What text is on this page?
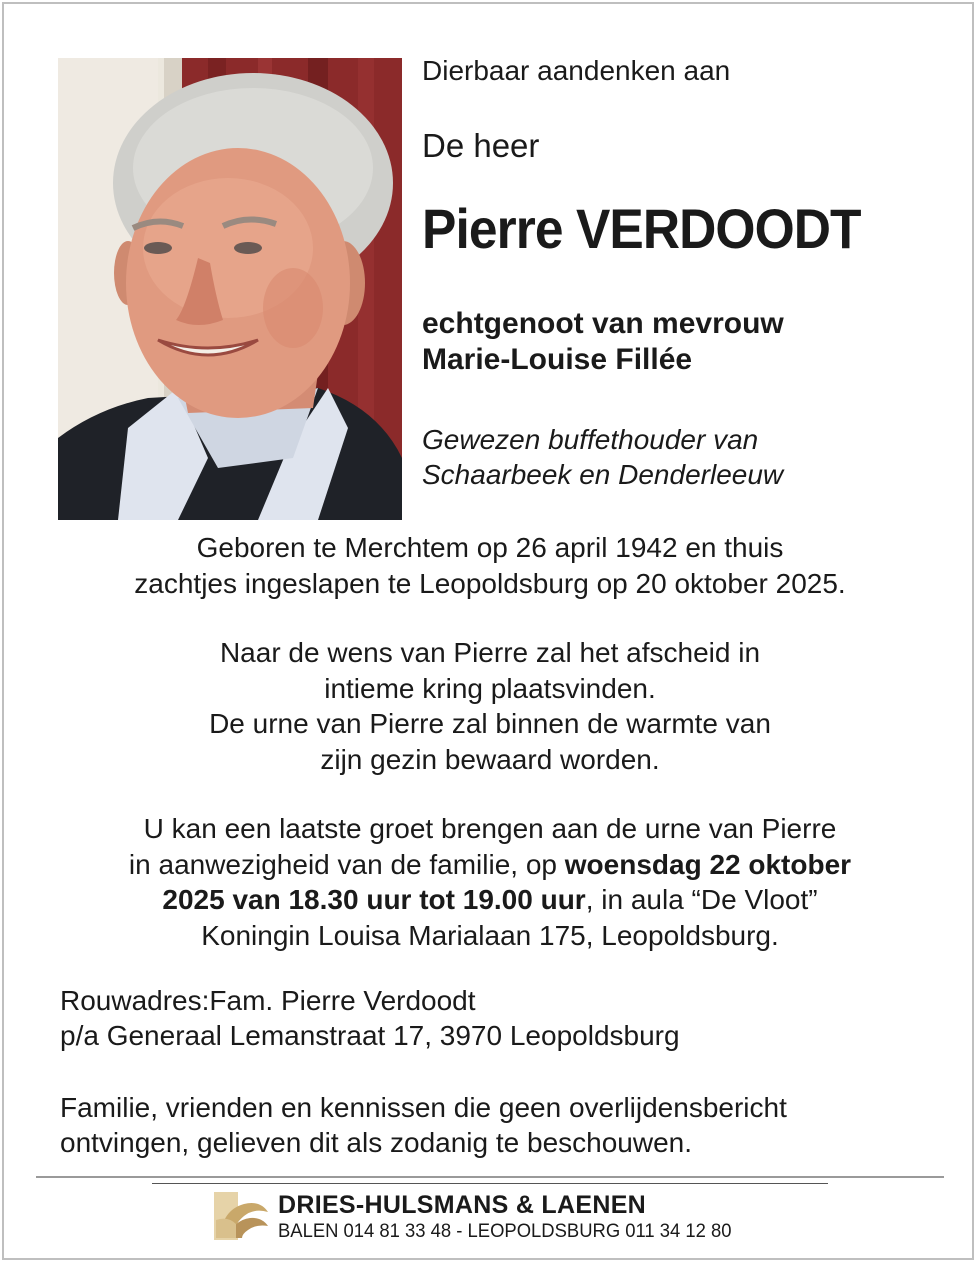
Dierbaar aandenken aan
De heer
Pierre VERDOODT
echtgenoot van mevrouw
Marie-Louise Fillée
Gewezen buffethouder van
Schaarbeek en Denderleeuw
Geboren te Merchtem op 26 april 1942 en thuis
zachtjes ingeslapen te Leopoldsburg op 20 oktober 2025.
Naar de wens van Pierre zal het afscheid in
intieme kring plaatsvinden.
De urne van Pierre zal binnen de warmte van
zijn gezin bewaard worden.
U kan een laatste groet brengen aan de urne van Pierre
in aanwezigheid van de familie, op woensdag 22 oktober
2025 van 18.30 uur tot 19.00 uur, in aula “De Vloot”
Koningin Louisa Marialaan 175, Leopoldsburg.
Rouwadres:Fam. Pierre Verdoodt
p/a Generaal Lemanstraat 17, 3970 Leopoldsburg
Familie, vrienden en kennissen die geen overlijdensbericht
ontvingen, gelieven dit als zodanig te beschouwen.
DRIES-HULSMANS & LAENEN
BALEN 014 81 33 48 - LEOPOLDSBURG 011 34 12 80
